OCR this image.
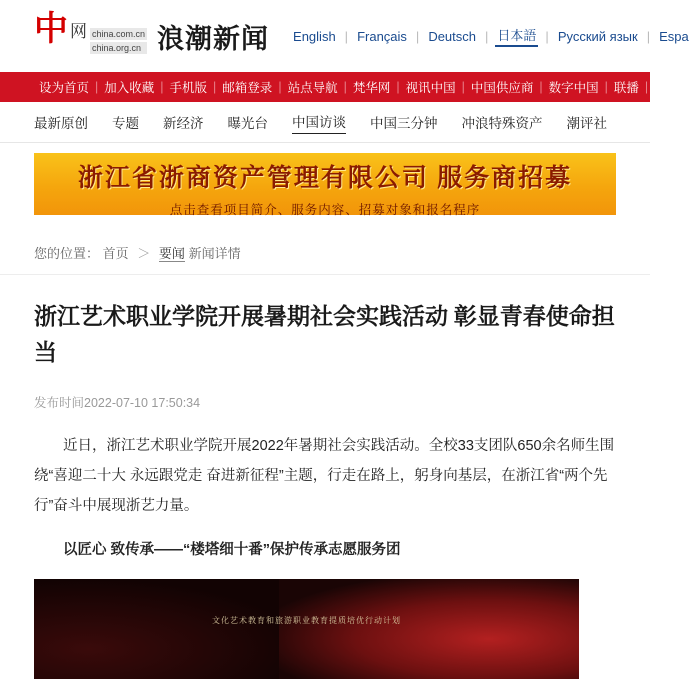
中 网 china.com.cn
china.org.cn 浪潮新闻 English | Français | Deutsch | 日本語 | Русский язык | Espa
设为首页 | 加入收藏 | 手机版 | 邮箱登录 | 站点导航 | 梵华网 | 视讯中国 | 中国供应商 | 数字中国 | 联播 | 风采中
最新原创 专题 新经济 曝光台 中国访谈 中国三分钟 冲浪特殊资产 潮评社
浙江省浙商资产管理有限公司 服务商招募
点击查看项目简介、服务内容、招募对象和报名程序
您的位置： 首页 ＞ 要闻 新闻详情
浙江艺术职业学院开展暑期社会实践活动 彰显青春使命担当
发布时间2022-07-10 17:50:34

近日，浙江艺术职业学院开展2022年暑期社会实践活动。全校33支团队650余名师生围绕“喜迎二十大 永远跟党走 奋进新征程”主题，行走在路上，躬身向基层，在浙江省“两个先行”奋斗中展现浙艺力量。

以匠心 致传承——“楼塔细十番”保护传承志愿服务团

文化艺术教育和旅游职业教育提质培优行动计划
